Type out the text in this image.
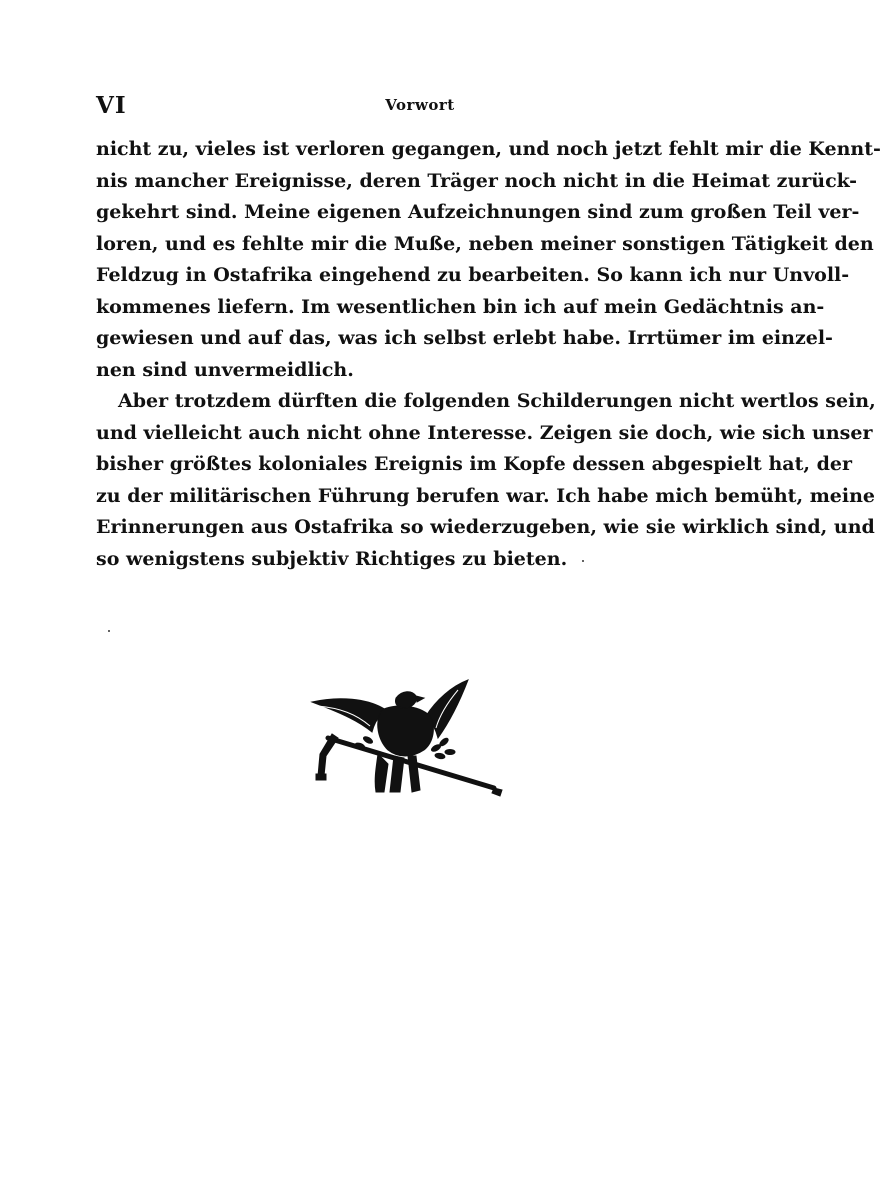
VI	Vorwort
nicht zu, vieles ist verloren gegangen, und noch jetzt fehlt mir die Kennt-
nis mancher Ereignisse, deren Träger noch nicht in die Heimat zurück-
gekehrt sind. Meine eigenen Aufzeichnungen sind zum großen Teil ver-
loren, und es fehlte mir die Muße, neben meiner sonstigen Tätigkeit den
Feldzug in Ostafrika eingehend zu bearbeiten. So kann ich nur Unvoll-
kommenes liefern. Im wesentlichen bin ich auf mein Gedächtnis an-
gewiesen und auf das, was ich selbst erlebt habe. Irrtümer im einzel-
nen sind unvermeidlich.
Aber trotzdem dürften die folgenden Schilderungen nicht wertlos sein,
und vielleicht auch nicht ohne Interesse. Zeigen sie doch, wie sich unser
bisher größtes koloniales Ereignis im Kopfe dessen abgespielt hat, der
zu der militärischen Führung berufen war. Ich habe mich bemüht, meine
Erinnerungen aus Ostafrika so wiederzugeben, wie sie wirklich sind, und
so wenigstens subjektiv Richtiges zu bieten.
